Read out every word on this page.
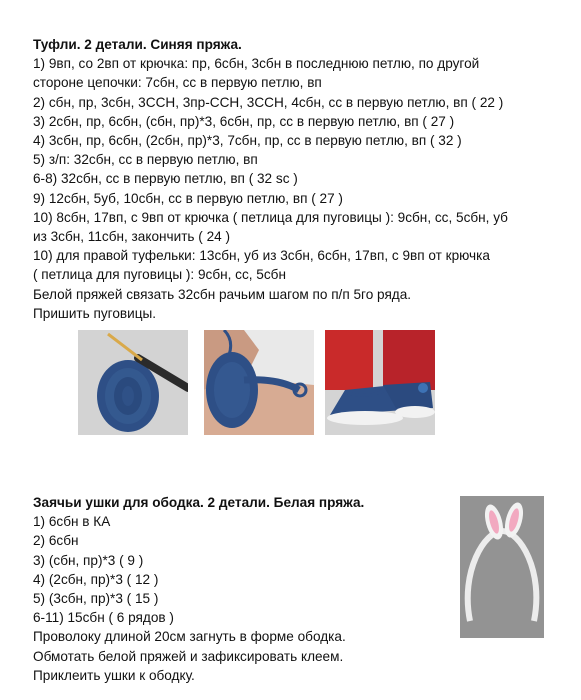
Туфли. 2 детали. Синяя пряжа.
1) 9вп, со 2вп от крючка: пр, 6сбн, 3сбн в последнюю петлю, по другой
стороне цепочки: 7сбн, сс в первую петлю, вп
2) сбн, пр, 3сбн, 3ССН, 3пр-ССН, 3ССН, 4сбн, сс в первую петлю, вп ( 22 )
3) 2сбн, пр, 6сбн, (сбн, пр)*3, 6сбн, пр, сс в первую петлю, вп ( 27 )
4) 3сбн, пр, 6сбн, (2сбн, пр)*3, 7сбн, пр, сс в первую петлю, вп ( 32 )
5) з/п: 32сбн, сс в первую петлю, вп
6-8) 32сбн, сс в первую петлю, вп ( 32 sc )
9) 12сбн, 5уб, 10сбн, сс в первую петлю, вп ( 27 )
10) 8сбн, 17вп, с 9вп от крючка ( петлица для пуговицы ): 9сбн, сс, 5сбн, уб
из 3сбн, 11сбн, закончить ( 24 )
10) для правой туфельки: 13сбн, уб из 3сбн, 6сбн, 17вп, с 9вп от крючка
( петлица для пуговицы ): 9сбн, сс, 5сбн
Белой пряжей связать 32сбн рачьим шагом по п/п 5го ряда.
Пришить пуговицы.
Заячьи ушки для ободка. 2 детали. Белая пряжа.
1) 6сбн в КА
2) 6сбн
3) (сбн, пр)*3 ( 9 )
4) (2сбн, пр)*3 ( 12 )
5) (3сбн, пр)*3 ( 15 )
6-11) 15сбн ( 6 рядов )
Проволоку длиной 20см загнуть в форме ободка.
Обмотать белой пряжей и зафиксировать клеем.
Приклеить ушки к ободку.
